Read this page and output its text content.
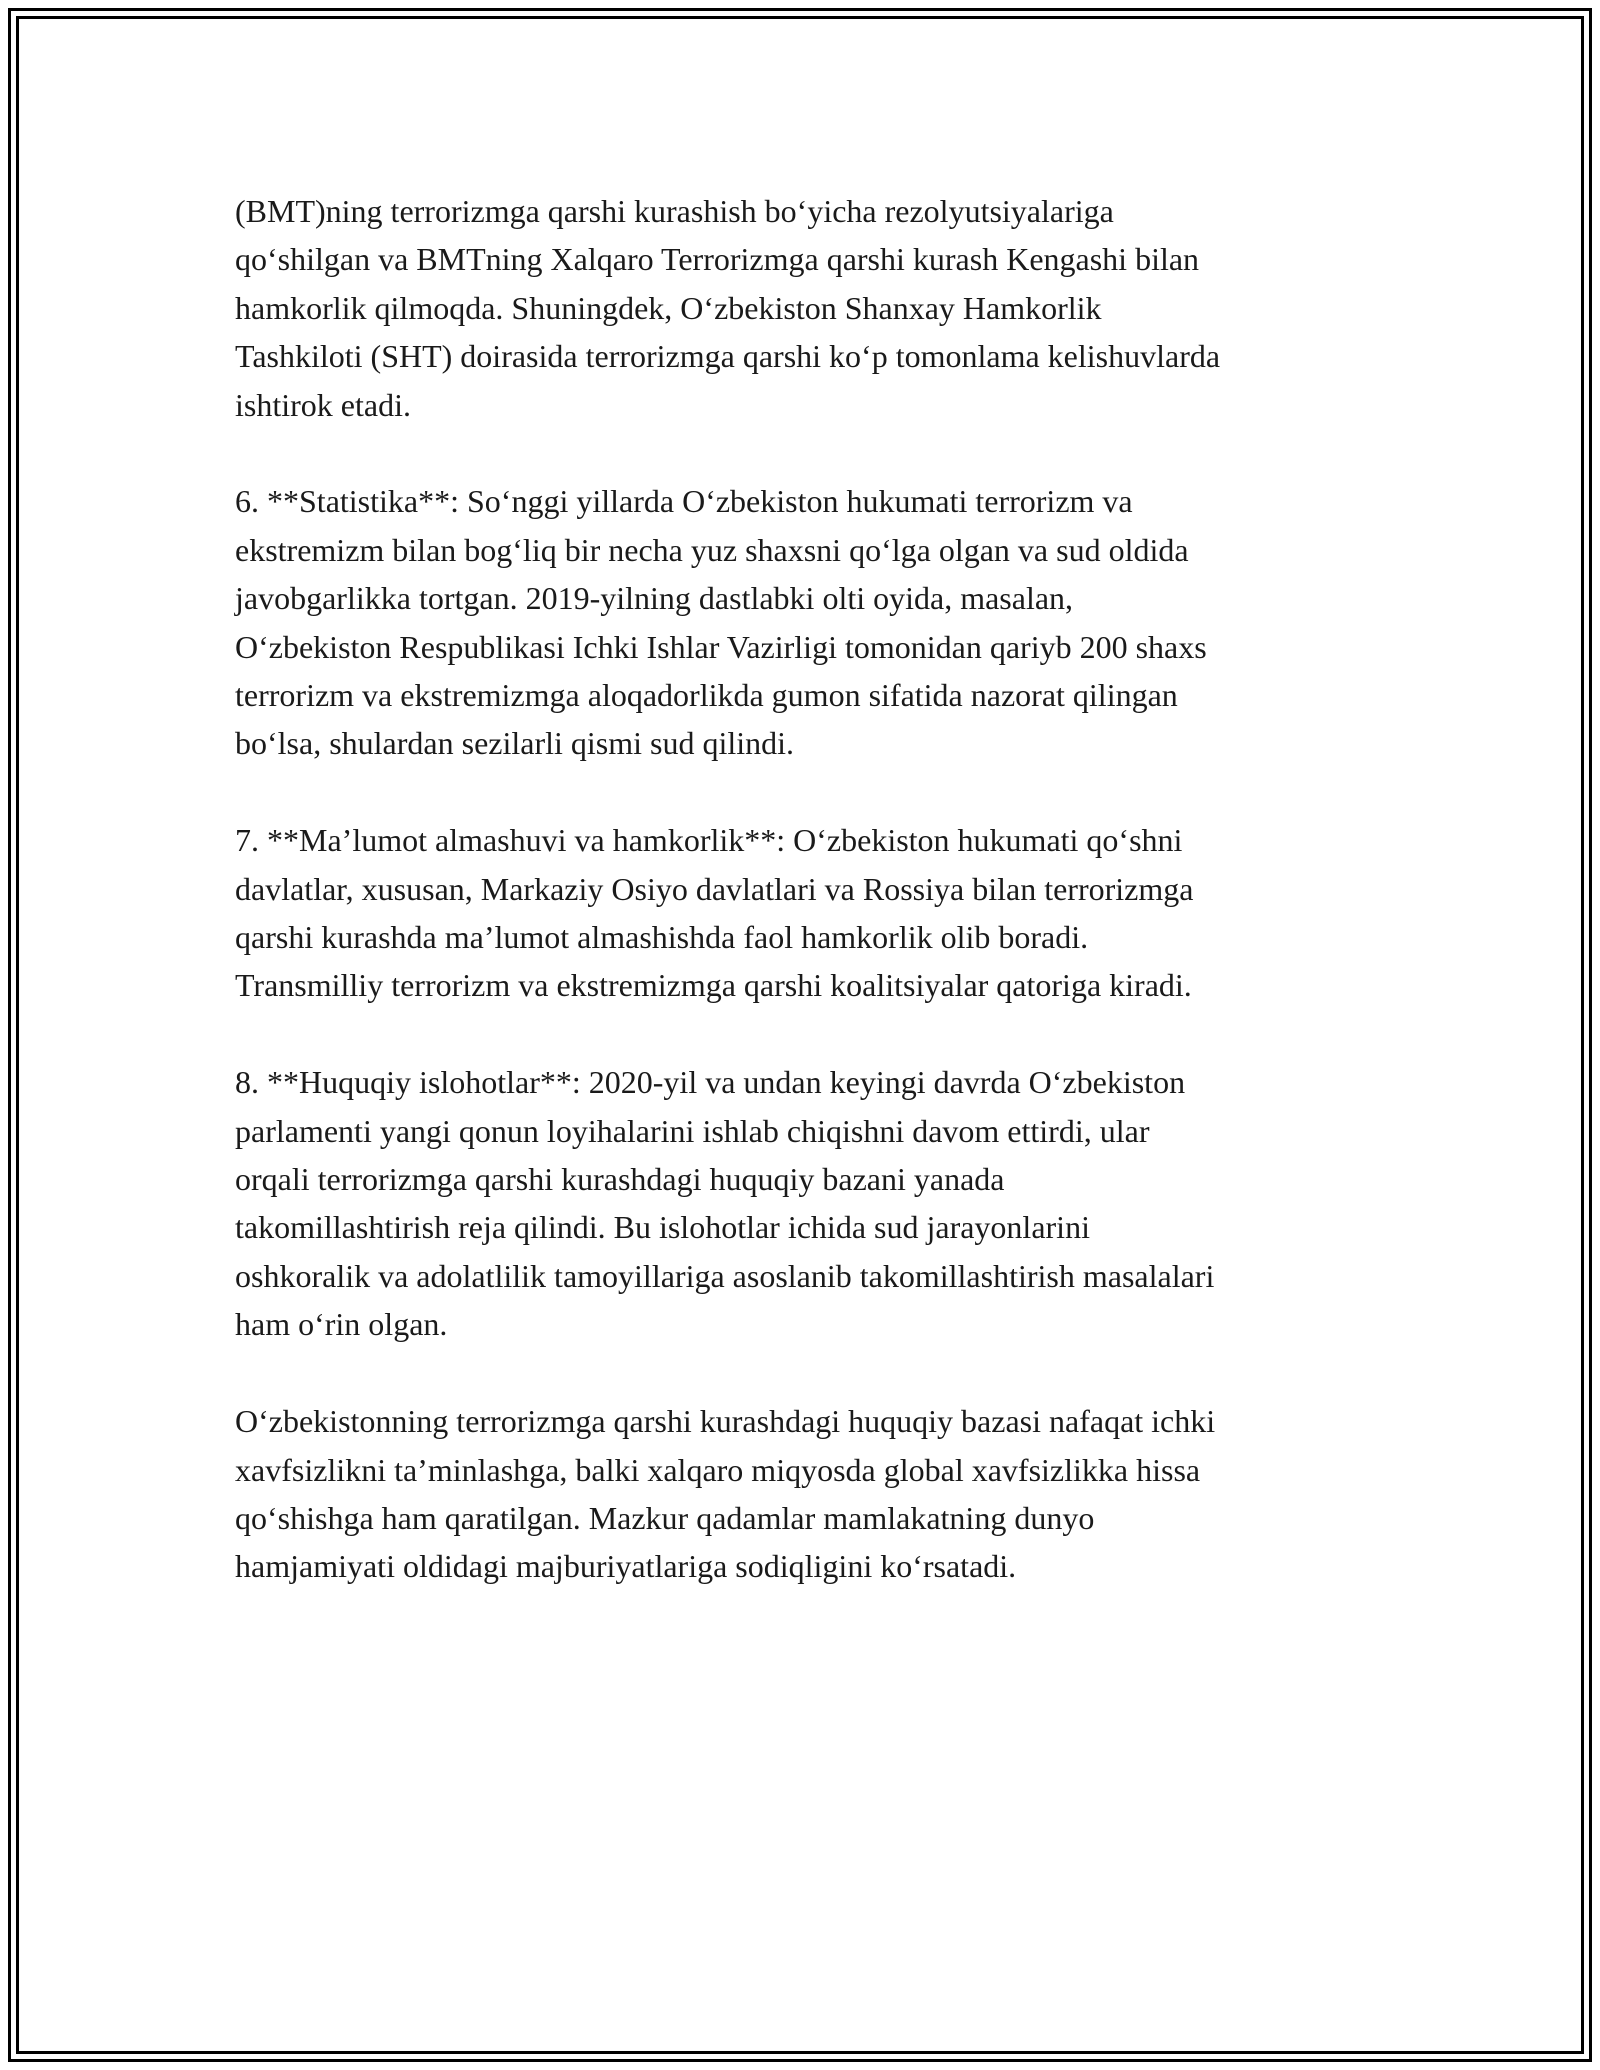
(BMT)ning terrorizmga qarshi kurashish bo‘yicha rezolyutsiyalariga
qo‘shilgan va BMTning Xalqaro Terrorizmga qarshi kurash Kengashi bilan
hamkorlik qilmoqda. Shuningdek, O‘zbekiston Shanxay Hamkorlik
Tashkiloti (SHT) doirasida terrorizmga qarshi ko‘p tomonlama kelishuvlarda
ishtirok etadi.

6. **Statistika**: So‘nggi yillarda O‘zbekiston hukumati terrorizm va
ekstremizm bilan bog‘liq bir necha yuz shaxsni qo‘lga olgan va sud oldida
javobgarlikka tortgan. 2019-yilning dastlabki olti oyida, masalan,
O‘zbekiston Respublikasi Ichki Ishlar Vazirligi tomonidan qariyb 200 shaxs
terrorizm va ekstremizmga aloqadorlikda gumon sifatida nazorat qilingan
bo‘lsa, shulardan sezilarli qismi sud qilindi.

7. **Ma’lumot almashuvi va hamkorlik**: O‘zbekiston hukumati qo‘shni
davlatlar, xususan, Markaziy Osiyo davlatlari va Rossiya bilan terrorizmga
qarshi kurashda ma’lumot almashishda faol hamkorlik olib boradi.
Transmilliy terrorizm va ekstremizmga qarshi koalitsiyalar qatoriga kiradi.

8. **Huquqiy islohotlar**: 2020-yil va undan keyingi davrda O‘zbekiston
parlamenti yangi qonun loyihalarini ishlab chiqishni davom ettirdi, ular
orqali terrorizmga qarshi kurashdagi huquqiy bazani yanada
takomillashtirish reja qilindi. Bu islohotlar ichida sud jarayonlarini
oshkoralik va adolatlilik tamoyillariga asoslanib takomillashtirish masalalari
ham o‘rin olgan.

O‘zbekistonning terrorizmga qarshi kurashdagi huquqiy bazasi nafaqat ichki
xavfsizlikni ta’minlashga, balki xalqaro miqyosda global xavfsizlikka hissa
qo‘shishga ham qaratilgan. Mazkur qadamlar mamlakatning dunyo
hamjamiyati oldidagi majburiyatlariga sodiqligini ko‘rsatadi.
